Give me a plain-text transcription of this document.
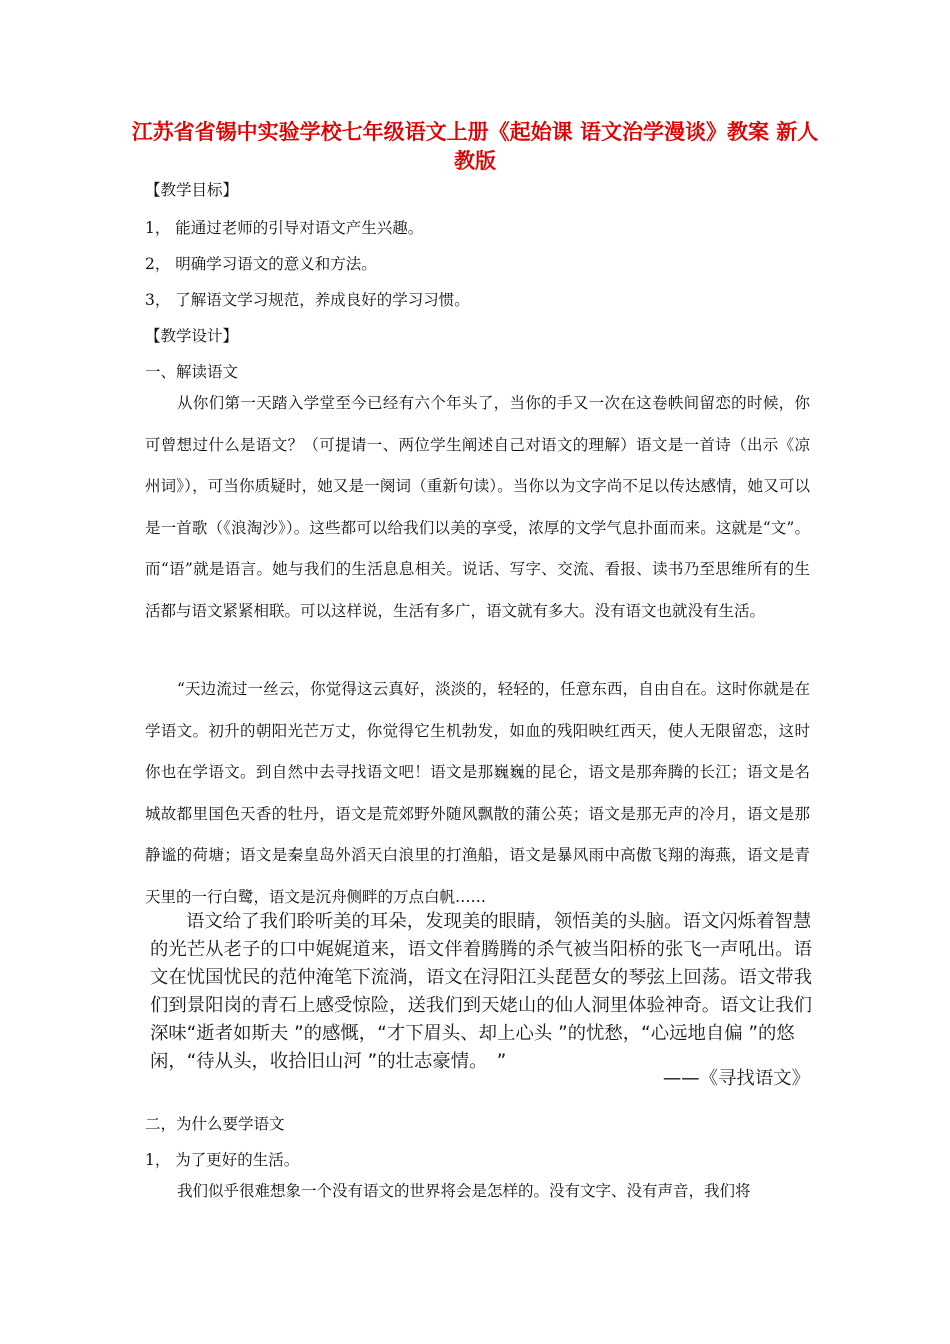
江苏省省锡中实验学校七年级语文上册《起始课 语文治学漫谈》教案 新人教版
【教学目标】
1， 能通过老师的引导对语文产生兴趣。
2， 明确学习语文的意义和方法。
3， 了解语文学习规范，养成良好的学习习惯。
【教学设计】
一、解读语文
从你们第一天踏入学堂至今已经有六个年头了，当你的手又一次在这卷帙间留恋的时候，你可曾想过什么是语文？（可提请一、两位学生阐述自己对语文的理解）语文是一首诗（出示《凉州词》），可当你质疑时，她又是一阕词（重新句读）。当你以为文字尚不足以传达感情，她又可以是一首歌（《浪淘沙》）。这些都可以给我们以美的享受，浓厚的文学气息扑面而来。这就是“文”。而“语”就是语言。她与我们的生活息息相关。说话、写字、交流、看报、读书乃至思维所有的生活都与语文紧紧相联。可以这样说，生活有多广，语文就有多大。没有语文也就没有生活。
“天边流过一丝云，你觉得这云真好，淡淡的，轻轻的，任意东西，自由自在。这时你就是在学语文。初升的朝阳光芒万丈，你觉得它生机勃发，如血的残阳映红西天，使人无限留恋，这时你也在学语文。到自然中去寻找语文吧！语文是那巍巍的昆仑，语文是那奔腾的长江；语文是名城故都里国色天香的牡丹，语文是荒郊野外随风飘散的蒲公英；语文是那无声的冷月，语文是那静谧的荷塘；语文是秦皇岛外滔天白浪里的打渔船，语文是暴风雨中高傲飞翔的海燕，语文是青天里的一行白鹭，语文是沉舟侧畔的万点白帆……
语文给了我们聆听美的耳朵，发现美的眼睛，领悟美的头脑。语文闪烁着智慧的光芒从老子的口中娓娓道来，语文伴着腾腾的杀气被当阳桥的张飞一声吼出。语文在忧国忧民的范仲淹笔下流淌，语文在浔阳江头琵琶女的琴弦上回荡。语文带我们到景阳岗的青石上感受惊险，送我们到天姥山的仙人洞里体验神奇。语文让我们深味“逝者如斯夫 ”的感慨，“才下眉头、却上心头 ”的忧愁，“心远地自偏 ”的悠闲，“待从头，收拾旧山河 ”的壮志豪情。　”
——《寻找语文》
二，为什么要学语文
1， 为了更好的生活。
我们似乎很难想象一个没有语文的世界将会是怎样的。没有文字、没有声音，我们将
